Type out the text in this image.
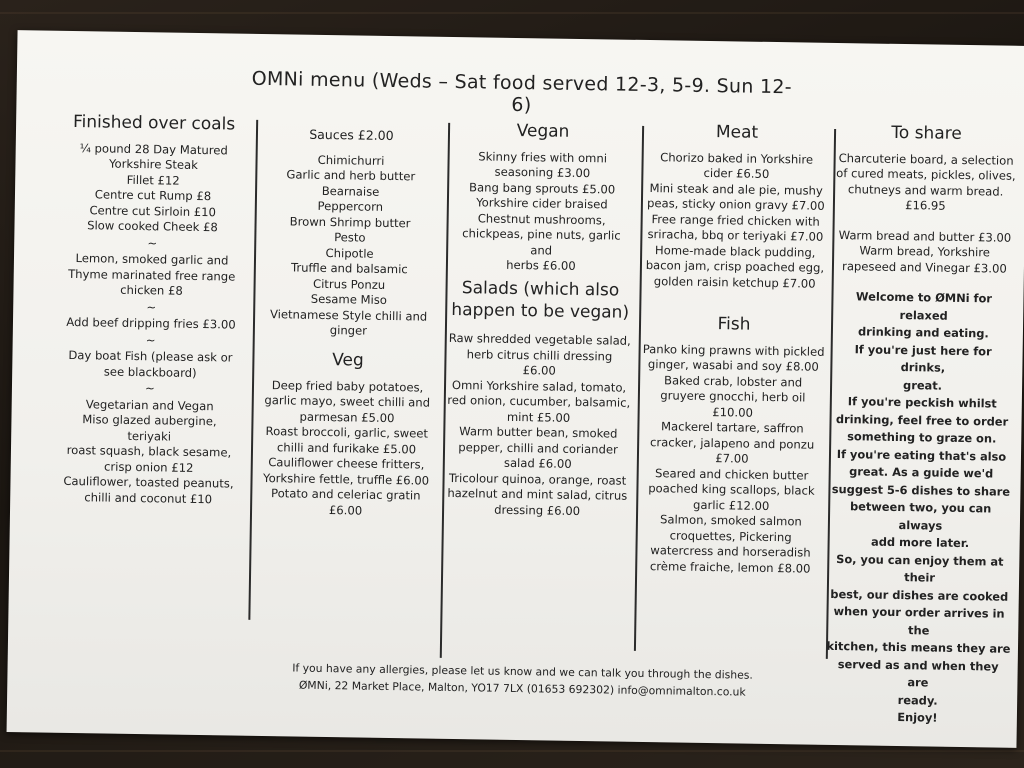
OMNi menu (Weds – Sat food served 12-3, 5-9. Sun 12-6)
Finished over coals

¼ pound 28 Day Matured

Yorkshire Steak

Fillet £12

Centre cut Rump £8

Centre cut Sirloin £10

Slow cooked Cheek £8

~

Lemon, smoked garlic and

Thyme marinated free range

chicken £8

~

Add beef dripping fries £3.00

~

Day boat Fish (please ask or

see blackboard)

~

Vegetarian and Vegan

Miso glazed aubergine, teriyaki

roast squash, black sesame,

crisp onion £12

Cauliflower, toasted peanuts,

chilli and coconut £10

Sauces £2.00

Chimichurri

Garlic and herb butter

Bearnaise

Peppercorn

Brown Shrimp butter

Pesto

Chipotle

Truffle and balsamic

Citrus Ponzu

Sesame Miso

Vietnamese Style chilli and

ginger

Veg

Deep fried baby potatoes,

garlic mayo, sweet chilli and

parmesan £5.00

Roast broccoli, garlic, sweet

chilli and furikake £5.00

Cauliflower cheese fritters,

Yorkshire fettle, truffle £6.00

Potato and celeriac gratin

£6.00

Vegan

Skinny fries with omni

seasoning £3.00

Bang bang sprouts £5.00

Yorkshire cider braised

Chestnut mushrooms,

chickpeas, pine nuts, garlic and

herbs £6.00

Salads (which also
happen to be vegan)

Raw shredded vegetable salad,

herb citrus chilli dressing

£6.00

Omni Yorkshire salad, tomato,

red onion, cucumber, balsamic,

mint £5.00

Warm butter bean, smoked

pepper, chilli and coriander

salad £6.00

Tricolour quinoa, orange, roast

hazelnut and mint salad, citrus

dressing £6.00

Meat

Chorizo baked in Yorkshire

cider £6.50

Mini steak and ale pie, mushy

peas, sticky onion gravy £7.00

Free range fried chicken with

sriracha, bbq or teriyaki £7.00

Home-made black pudding,

bacon jam, crisp poached egg,

golden raisin ketchup £7.00

Fish

Panko king prawns with pickled

ginger, wasabi and soy £8.00

Baked crab, lobster and

gruyere gnocchi, herb oil

£10.00

Mackerel tartare, saffron

cracker, jalapeno and ponzu

£7.00

Seared and chicken butter

poached king scallops, black

garlic £12.00

Salmon, smoked salmon

croquettes, Pickering

watercress and horseradish

crème fraiche, lemon £8.00

To share

Charcuterie board, a selection

of cured meats, pickles, olives,

chutneys and warm bread.

£16.95

Warm bread and butter £3.00

Warm bread, Yorkshire

rapeseed and Vinegar £3.00

Welcome to ØMNi for relaxed

drinking and eating.

If you're just here for drinks,

great.

If you're peckish whilst

drinking, feel free to order

something to graze on.

If you're eating that's also

great. As a guide we'd

suggest 5-6 dishes to share

between two, you can always

add more later.

So, you can enjoy them at their

best, our dishes are cooked

when your order arrives in the

kitchen, this means they are

served as and when they are

ready.

Enjoy!

If you have any allergies, please let us know and we can talk you through the dishes.
ØMNi, 22 Market Place, Malton, YO17 7LX (01653 692302) info@omnimalton.co.uk
